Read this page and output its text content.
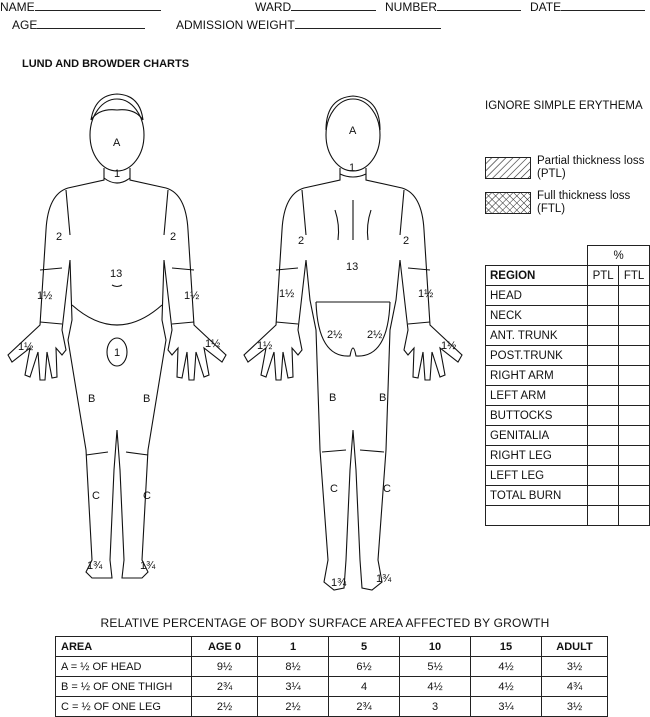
NAME	WARD	NUMBER	DATE
AGE	ADMISSION WEIGHT
LUND AND BROWDER CHARTS
IGNORE SIMPLE ERYTHEMA
Partial thickness loss
(PTL)
Full thickness loss
(FTL)
A
1
2	2
13
1½	1½
1½	1½
1
B	B
C	C
1¾	1¾
A
1
2	2
13
1½	1½
1½	1½
2½ 2½
B	B
C	C
1¾	1¾
	%	
REGION	PTL	FTL
HEAD		
NECK		
ANT. TRUNK		
POST.TRUNK		
RIGHT ARM		
LEFT ARM		
BUTTOCKS		
GENITALIA		
RIGHT LEG		
LEFT LEG		
TOTAL BURN		

RELATIVE PERCENTAGE OF BODY SURFACE AREA AFFECTED BY GROWTH
AREA	AGE 0	1	5	10	15	ADULT
A = ½ OF HEAD	9½	8½	6½	5½	4½	3½
B = ½ OF ONE THIGH	2¾	3¼	4	4½	4½	4¾
C = ½ OF ONE LEG	2½	2½	2¾	3	3¼	3½
